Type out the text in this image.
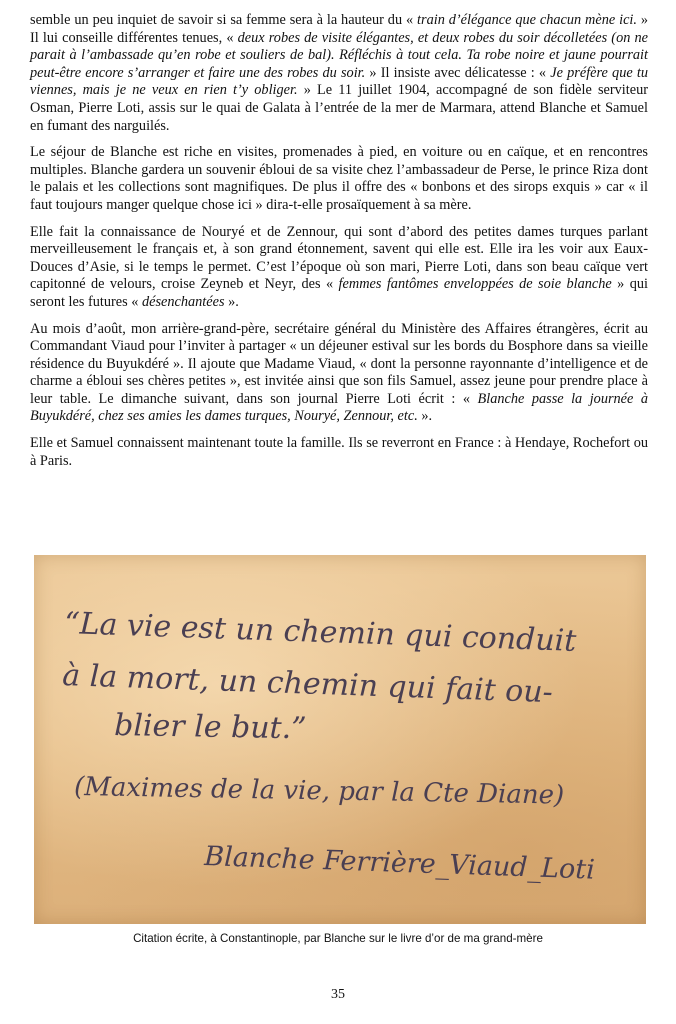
semble un peu inquiet de savoir si sa femme sera à la hauteur du « train d’élégance que chacun mène ici. » Il lui conseille différentes tenues, « deux robes de visite élégantes, et deux robes du soir décolletées (on ne parait à l’ambassade qu’en robe et souliers de bal). Réfléchis à tout cela. Ta robe noire et jaune pourrait peut-être encore s’arranger et faire une des robes du soir. » Il insiste avec délicatesse : « Je préfère que tu viennes, mais je ne veux en rien t’y obliger. » Le 11 juillet 1904, accompagné de son fidèle serviteur Osman, Pierre Loti, assis sur le quai de Galata à l’entrée de la mer de Marmara, attend Blanche et Samuel en fumant des narguilés.

Le séjour de Blanche est riche en visites, promenades à pied, en voiture ou en caïque, et en rencontres multiples. Blanche gardera un souvenir ébloui de sa visite chez l’ambassadeur de Perse, le prince Riza dont le palais et les collections sont magnifiques. De plus il offre des « bonbons et des sirops exquis » car « il faut toujours manger quelque chose ici » dira-t-elle prosaïquement à sa mère.

Elle fait la connaissance de Nouryé et de Zennour, qui sont d’abord des petites dames turques parlant merveilleusement le français et, à son grand étonnement, savent qui elle est. Elle ira les voir aux Eaux-Douces d’Asie, si le temps le permet. C’est l’époque où son mari, Pierre Loti, dans son beau caïque vert capitonné de velours, croise Zeyneb et Neyr, des « femmes fantômes enveloppées de soie blanche » qui seront les futures « désenchantées ».

Au mois d’août, mon arrière-grand-père, secrétaire général du Ministère des Affaires étrangères, écrit au Commandant Viaud pour l’inviter à partager « un déjeuner estival sur les bords du Bosphore dans sa vieille résidence du Buyukdéré ». Il ajoute que Madame Viaud, « dont la personne rayonnante d’intelligence et de charme a ébloui ses chères petites », est invitée ainsi que son fils Samuel, assez jeune pour prendre place à leur table. Le dimanche suivant, dans son journal Pierre Loti écrit : « Blanche passe la journée à Buyukdéré, chez ses amies les dames turques, Nouryé, Zennour, etc. ».

Elle et Samuel connaissent maintenant toute la famille. Ils se reverront en France : à Hendaye, Rochefort ou à Paris.

“La vie est un chemin qui conduit
à la mort, un chemin qui fait ou-
blier le but.”
(Maximes de la vie, par la Cte Diane)
Blanche Ferrière_Viaud_Loti
Citation écrite, à Constantinople, par Blanche sur le livre d’or de ma grand-mère
35
